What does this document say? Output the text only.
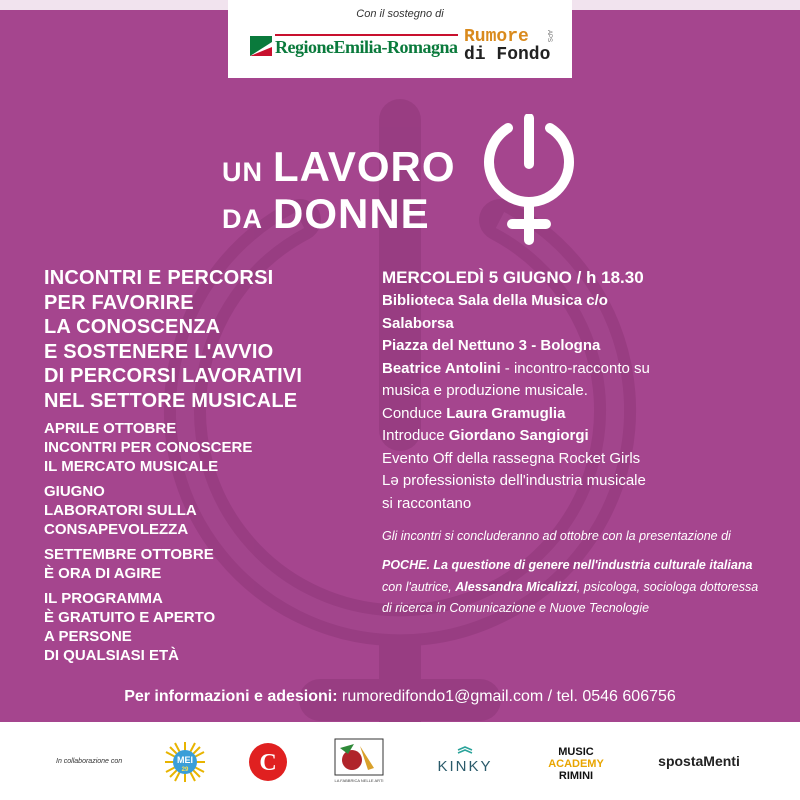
Con il sostegno di
RegioneEmilia-Romagna Rumore
di Fondo
APS
UN LAVORO
DA DONNE
INCONTRI E PERCORSI
PER FAVORIRE
LA CONOSCENZA
E SOSTENERE L'AVVIO
DI PERCORSI LAVORATIVI
NEL SETTORE MUSICALE
APRILE OTTOBRE
INCONTRI PER CONOSCERE
IL MERCATO MUSICALE
GIUGNO
LABORATORI SULLA
CONSAPEVOLEZZA
SETTEMBRE OTTOBRE
È ORA DI AGIRE
IL PROGRAMMA
È GRATUITO E APERTO
A PERSONE
DI QUALSIASI ETÀ
MERCOLEDÌ 5 GIUGNO / h 18.30
Biblioteca Sala della Musica c/o
Salaborsa
Piazza del Nettuno 3 - Bologna
Beatrice Antolini - incontro-racconto su
musica e produzione musicale.
Conduce Laura Gramuglia
Introduce Giordano Sangiorgi
Evento Off della rassegna Rocket Girls
Lə professionistə dell'industria musicale
si raccontano
Gli incontri si concluderanno ad ottobre con la presentazione di
POCHE. La questione di genere nell'industria culturale italiana con l'autrice, Alessandra Micalizzi, psicologa, sociologa dottoressa di ricerca in Comunicazione e Nuove Tecnologie
Per informazioni e adesioni: rumoredifondo1@gmail.com / tel. 0546 606756
In collaborazione con	MEI
29	C
LA FABBRICA NELLE ARTI
KINKY
MUSIC
ACADEMY
RIMINI
spostaMenti
